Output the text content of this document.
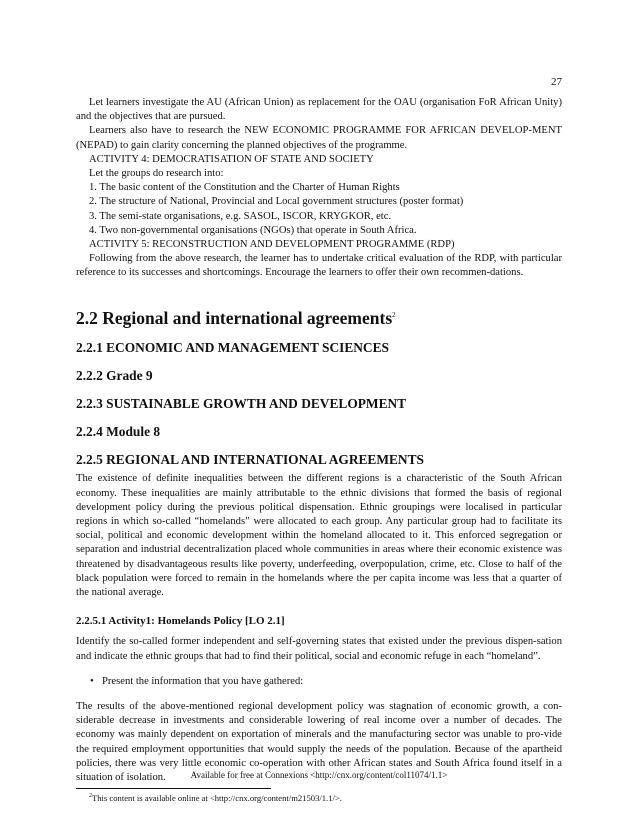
27

Let learners investigate the AU (African Union) as replacement for the OAU (organisation FoR African Unity) and the objectives that are pursued.

Learners also have to research the NEW ECONOMIC PROGRAMME FOR AFRICAN DEVELOP-MENT (NEPAD) to gain clarity concerning the planned objectives of the programme.

ACTIVITY 4: DEMOCRATISATION OF STATE AND SOCIETY

Let the groups do research into:

1. The basic content of the Constitution and the Charter of Human Rights

2. The structure of National, Provincial and Local government structures (poster format)

3. The semi-state organisations, e.g. SASOL, ISCOR, KRYGKOR, etc.

4. Two non-governmental organisations (NGOs) that operate in South Africa.

ACTIVITY 5: RECONSTRUCTION AND DEVELOPMENT PROGRAMME (RDP)

Following from the above research, the learner has to undertake critical evaluation of the RDP, with particular reference to its successes and shortcomings. Encourage the learners to offer their own recommen-dations.

2.2 Regional and international agreements$^2$
2.2.1 ECONOMIC AND MANAGEMENT SCIENCES
2.2.2 Grade 9
2.2.3 SUSTAINABLE GROWTH AND DEVELOPMENT
2.2.4 Module 8
2.2.5 REGIONAL AND INTERNATIONAL AGREEMENTS

The existence of definite inequalities between the different regions is a characteristic of the South African economy. These inequalities are mainly attributable to the ethnic divisions that formed the basis of regional development policy during the previous political dispensation. Ethnic groupings were localised in particular regions in which so-called “homelands” were allocated to each group. Any particular group had to facilitate its social, political and economic development within the homeland allocated to it. This enforced segregation or separation and industrial decentralization placed whole communities in areas where their economic existence was threatened by disadvantageous results like poverty, underfeeding, overpopulation, crime, etc. Close to half of the black population were forced to remain in the homelands where the per capita income was less that a quarter of the national average.

2.2.5.1 Activity1: Homelands Policy [LO 2.1]

Identify the so-called former independent and self-governing states that existed under the previous dispen-sation and indicate the ethnic groups that had to find their political, social and economic refuge in each “homeland”.

• Present the information that you have gathered:

The results of the above-mentioned regional development policy was stagnation of economic growth, a con-siderable decrease in investments and considerable lowering of real income over a number of decades. The economy was mainly dependent on exportation of minerals and the manufacturing sector was unable to pro-vide the required employment opportunities that would supply the needs of the population. Because of the apartheid policies, there was very little economic co-operation with other African states and South Africa found itself in a situation of isolation.

$^2$This content is available online at <http://cnx.org/content/m21503/1.1/>.
Available for free at Connexions <http://cnx.org/content/col11074/1.1>
